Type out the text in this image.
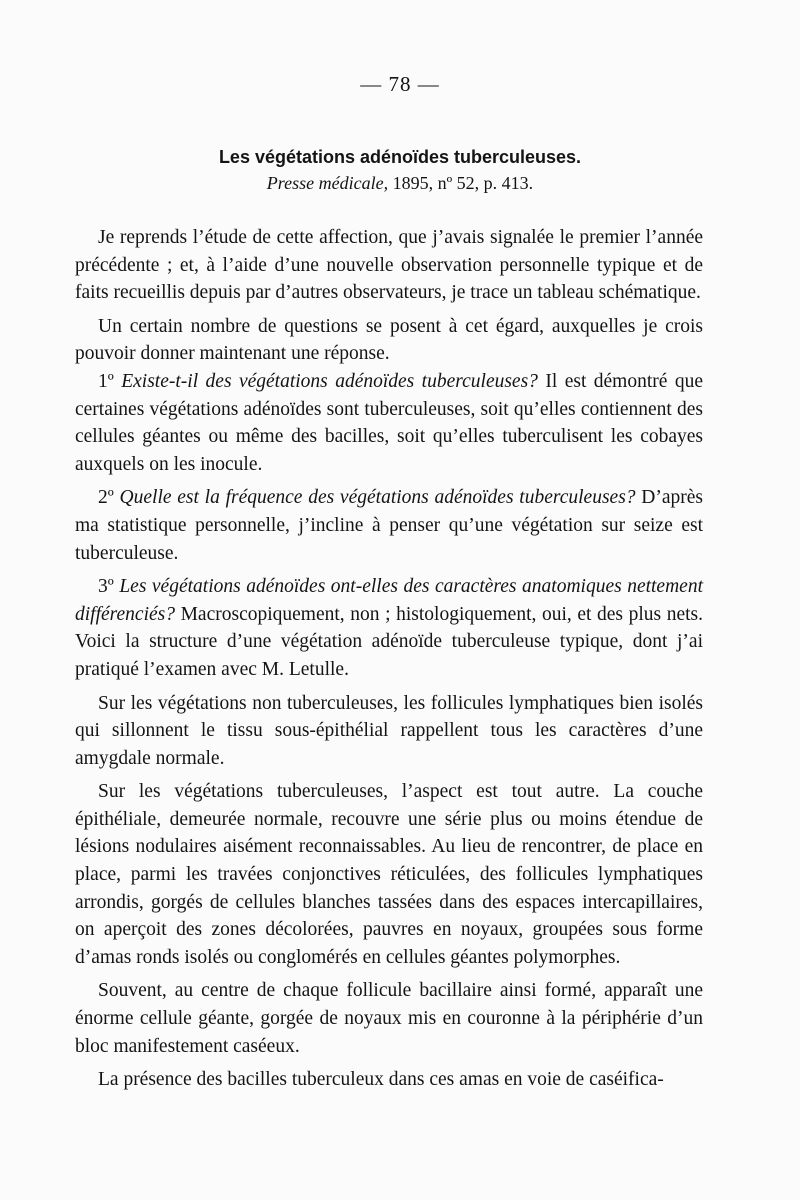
— 78 —
Les végétations adénoïdes tuberculeuses.
Presse médicale, 1895, nº 52, p. 413.

Je reprends l’étude de cette affection, que j’avais signalée le premier l’année précédente ; et, à l’aide d’une nouvelle observation personnelle typique et de faits recueillis depuis par d’autres observateurs, je trace un tableau schématique.

Un certain nombre de questions se posent à cet égard, auxquelles je crois pouvoir donner maintenant une réponse.

1º Existe-t-il des végétations adénoïdes tuberculeuses? Il est démontré que certaines végétations adénoïdes sont tuberculeuses, soit qu’elles contiennent des cellules géantes ou même des bacilles, soit qu’elles tuberculisent les cobayes auxquels on les inocule.

2º Quelle est la fréquence des végétations adénoïdes tuberculeuses? D’après ma statistique personnelle, j’incline à penser qu’une végétation sur seize est tuberculeuse.

3º Les végétations adénoïdes ont-elles des caractères anatomiques nettement différenciés? Macroscopiquement, non ; histologiquement, oui, et des plus nets. Voici la structure d’une végétation adénoïde tuberculeuse typique, dont j’ai pratiqué l’examen avec M. Letulle.

Sur les végétations non tuberculeuses, les follicules lymphatiques bien isolés qui sillonnent le tissu sous-épithélial rappellent tous les caractères d’une amygdale normale.

Sur les végétations tuberculeuses, l’aspect est tout autre. La couche épithéliale, demeurée normale, recouvre une série plus ou moins étendue de lésions nodulaires aisément reconnaissables. Au lieu de rencontrer, de place en place, parmi les travées conjonctives réticulées, des follicules lymphatiques arrondis, gorgés de cellules blanches tassées dans des espaces intercapillaires, on aperçoit des zones décolorées, pauvres en noyaux, groupées sous forme d’amas ronds isolés ou conglomérés en cellules géantes polymorphes.

Souvent, au centre de chaque follicule bacillaire ainsi formé, apparaît une énorme cellule géante, gorgée de noyaux mis en couronne à la périphérie d’un bloc manifestement caséeux.

La présence des bacilles tuberculeux dans ces amas en voie de caséifica-
